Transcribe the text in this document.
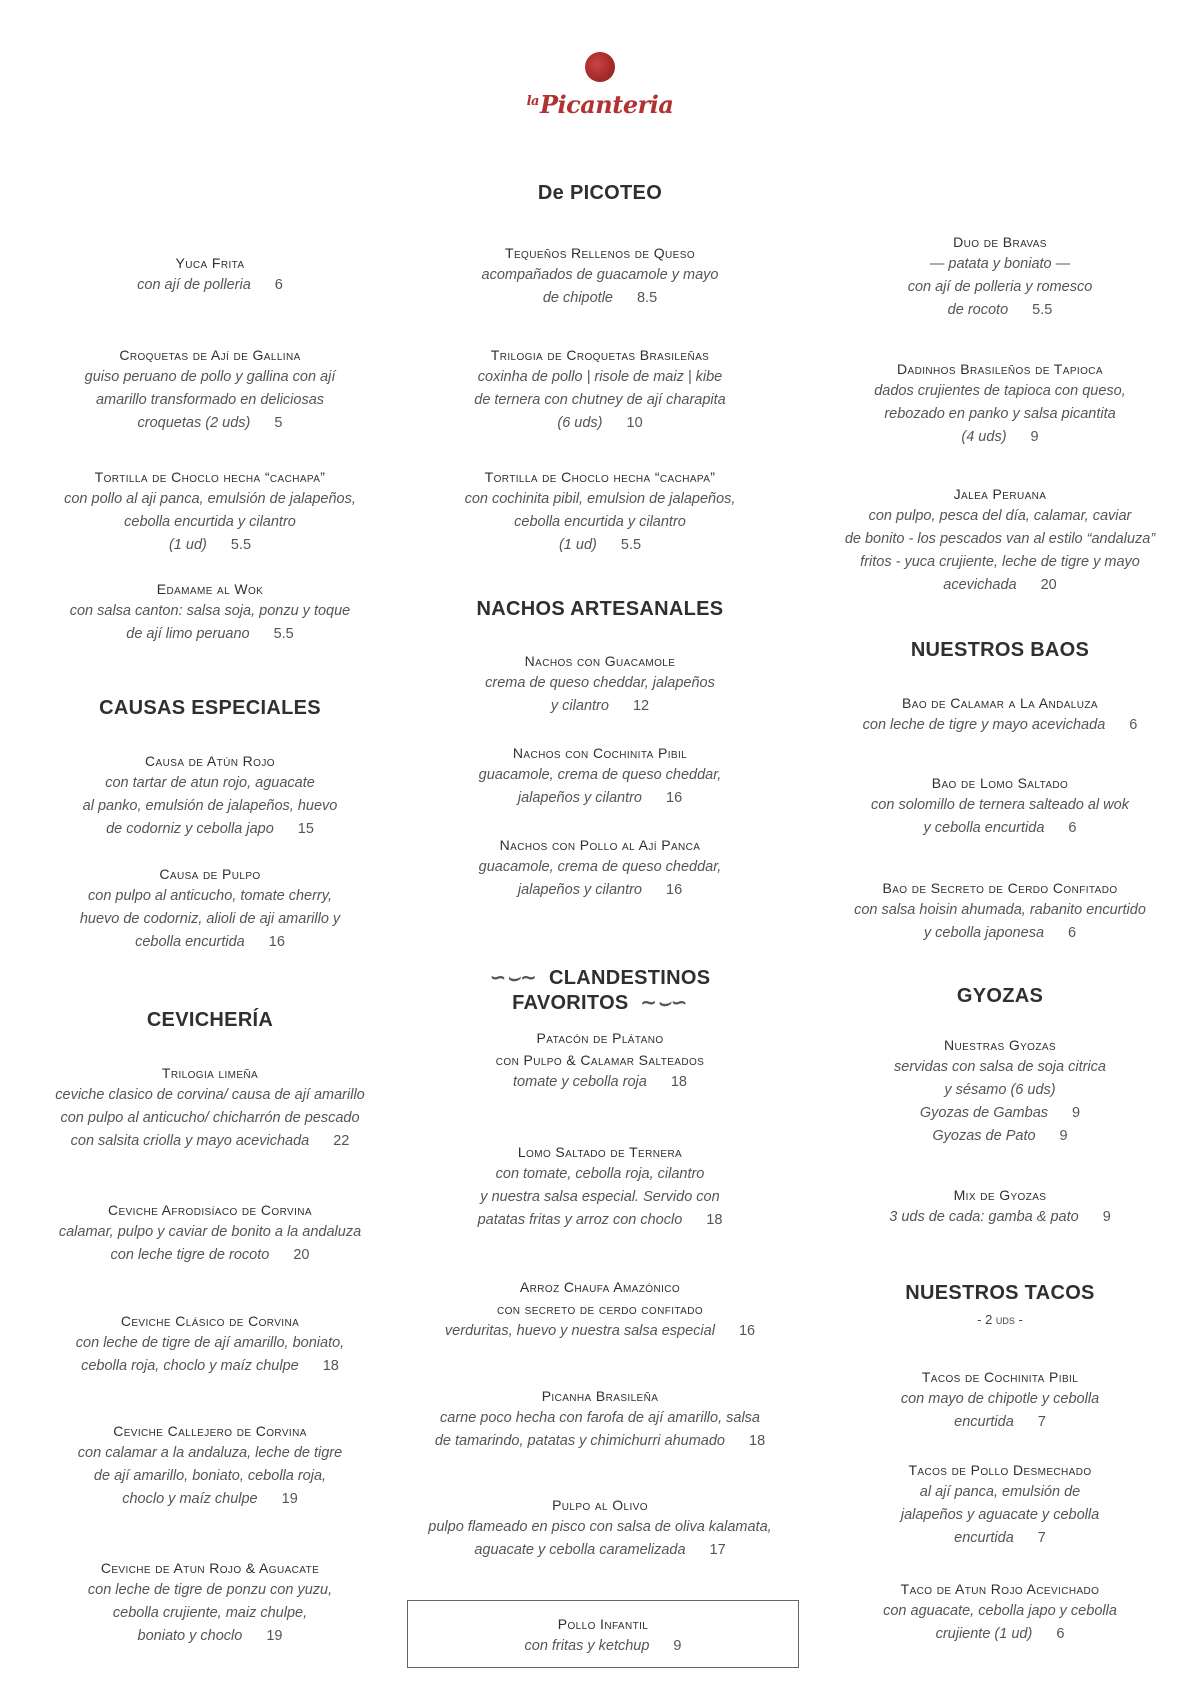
$^{la}$Picanteria
De PICOTEO
Yuca Frita
con ají de polleria 6
Croquetas de Ají de Gallina
guiso peruano de pollo y gallina con ají
amarillo transformado en deliciosas
croquetas (2 uds) 5
Tortilla de Choclo hecha “cachapa”
con pollo al aji panca, emulsión de jalapeños,
cebolla encurtida y cilantro
(1 ud) 5.5
Edamame al Wok
con salsa canton: salsa soja, ponzu y toque
de ají limo peruano 5.5
CAUSAS ESPECIALES
Causa de Atún Rojo
con tartar de atun rojo, aguacate
al panko, emulsión de jalapeños, huevo
de codorniz y cebolla japo 15
Causa de Pulpo
con pulpo al anticucho, tomate cherry,
huevo de codorniz, alioli de aji amarillo y
cebolla encurtida 16
CEVICHERÍA
Trilogia limeña
ceviche clasico de corvina/ causa de ají amarillo
con pulpo al anticucho/ chicharrón de pescado
con salsita criolla y mayo acevichada 22
Ceviche Afrodisíaco de Corvina
calamar, pulpo y caviar de bonito a la andaluza
con leche tigre de rocoto 20
Ceviche Clásico de Corvina
con leche de tigre de ají amarillo, boniato,
cebolla roja, choclo y maíz chulpe 18
Ceviche Callejero de Corvina
con calamar a la andaluza, leche de tigre
de ají amarillo, boniato, cebolla roja,
choclo y maíz chulpe 19
Ceviche de Atun Rojo & Aguacate
con leche de tigre de ponzu con yuzu,
cebolla crujiente, maiz chulpe,
boniato y choclo 19
Tequeños Rellenos de Queso
acompañados de guacamole y mayo
de chipotle 8.5
Trilogia de Croquetas Brasileñas
coxinha de pollo | risole de maiz | kibe
de ternera con chutney de ají charapita
(6 uds) 10
Tortilla de Choclo hecha “cachapa”
con cochinita pibil, emulsion de jalapeños,
cebolla encurtida y cilantro
(1 ud) 5.5
NACHOS ARTESANALES
Nachos con Guacamole
crema de queso cheddar, jalapeños
y cilantro 12
Nachos con Cochinita Pibil
guacamole, crema de queso cheddar,
jalapeños y cilantro 16
Nachos con Pollo al Ají Panca
guacamole, crema de queso cheddar,
jalapeños y cilantro 16
∽⌣∼  CLANDESTINOS FAVORITOS  ∼⌣∽
Patacón de Plátano
con Pulpo & Calamar Salteados
tomate y cebolla roja 18
Lomo Saltado de Ternera
con tomate, cebolla roja, cilantro
y nuestra salsa especial. Servido con
patatas fritas y arroz con choclo 18
Arroz Chaufa Amazónico
con secreto de cerdo confitado
verduritas, huevo y nuestra salsa especial 16
Picanha Brasileña
carne poco hecha con farofa de ají amarillo, salsa
de tamarindo, patatas y chimichurri ahumado 18
Pulpo al Olivo
pulpo flameado en pisco con salsa de oliva kalamata,
aguacate y cebolla caramelizada 17
Pollo Infantil
con fritas y ketchup 9
Duo de Bravas
— patata y boniato —
con ají de polleria y romesco
de rocoto 5.5
Dadinhos Brasileños de Tapioca
dados crujientes de tapioca con queso,
rebozado en panko y salsa picantita
(4 uds) 9
Jalea Peruana
con pulpo, pesca del día, calamar, caviar
de bonito - los pescados van al estilo “andaluza”
fritos - yuca crujiente, leche de tigre y mayo
acevichada 20
NUESTROS BAOS
Bao de Calamar a La Andaluza
con leche de tigre y mayo acevichada 6
Bao de Lomo Saltado
con solomillo de ternera salteado al wok
y cebolla encurtida 6
Bao de Secreto de Cerdo Confitado
con salsa hoisin ahumada, rabanito encurtido
y cebolla japonesa 6
GYOZAS
Nuestras Gyozas
servidas con salsa de soja citrica
y sésamo (6 uds)
Gyozas de Gambas 9
Gyozas de Pato 9
Mix de Gyozas
3 uds de cada: gamba & pato 9
NUESTROS TACOS
- 2 uds -
Tacos de Cochinita Pibil
con mayo de chipotle y cebolla
encurtida 7
Tacos de Pollo Desmechado
al ají panca, emulsión de
jalapeños y aguacate y cebolla
encurtida 7
Taco de Atun Rojo Acevichado
con aguacate, cebolla japo y cebolla
crujiente (1 ud) 6
